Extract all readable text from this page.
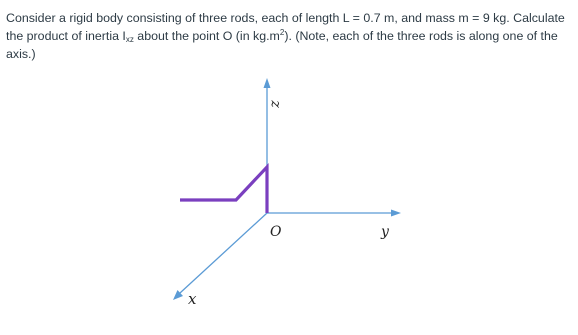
Consider a rigid body consisting of three rods, each of length L = 0.7 m, and mass m = 9 kg. Calculate the product of inertia $I_{xz}$ about the point O (in $kg.m^2$). (Note, each of the three rods is along one of the axis.)

z
O	y
x
